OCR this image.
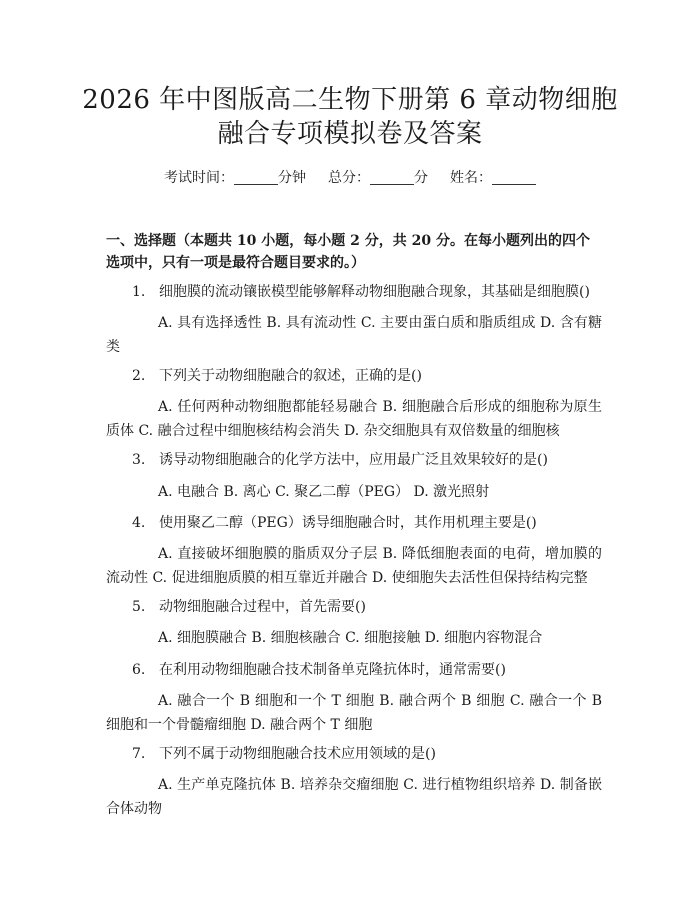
2026 年中图版高二生物下册第 6 章动物细胞
融合专项模拟卷及答案
考试时间：	分钟 总分：	分 姓名：

一、选择题（本题共 10 小题，每小题 2 分，共 20 分。在每小题列出的四个选项中，只有一项是最符合题目要求的。）

1. 细胞膜的流动镶嵌模型能够解释动物细胞融合现象，其基础是细胞膜()

A. 具有选择透性 B. 具有流动性 C. 主要由蛋白质和脂质组成 D. 含有糖类

2. 下列关于动物细胞融合的叙述，正确的是()

A. 任何两种动物细胞都能轻易融合 B. 细胞融合后形成的细胞称为原生质体 C. 融合过程中细胞核结构会消失 D. 杂交细胞具有双倍数量的细胞核

3. 诱导动物细胞融合的化学方法中，应用最广泛且效果较好的是()

A. 电融合 B. 离心 C. 聚乙二醇（PEG） D. 激光照射

4. 使用聚乙二醇（PEG）诱导细胞融合时，其作用机理主要是()

A. 直接破坏细胞膜的脂质双分子层 B. 降低细胞表面的电荷，增加膜的流动性 C. 促进细胞质膜的相互靠近并融合 D. 使细胞失去活性但保持结构完整

5. 动物细胞融合过程中，首先需要()

A. 细胞膜融合 B. 细胞核融合 C. 细胞接触 D. 细胞内容物混合

6. 在利用动物细胞融合技术制备单克隆抗体时，通常需要()

A. 融合一个 B 细胞和一个 T 细胞 B. 融合两个 B 细胞 C. 融合一个 B 细胞和一个骨髓瘤细胞 D. 融合两个 T 细胞

7. 下列不属于动物细胞融合技术应用领域的是()

A. 生产单克隆抗体 B. 培养杂交瘤细胞 C. 进行植物组织培养 D. 制备嵌合体动物
